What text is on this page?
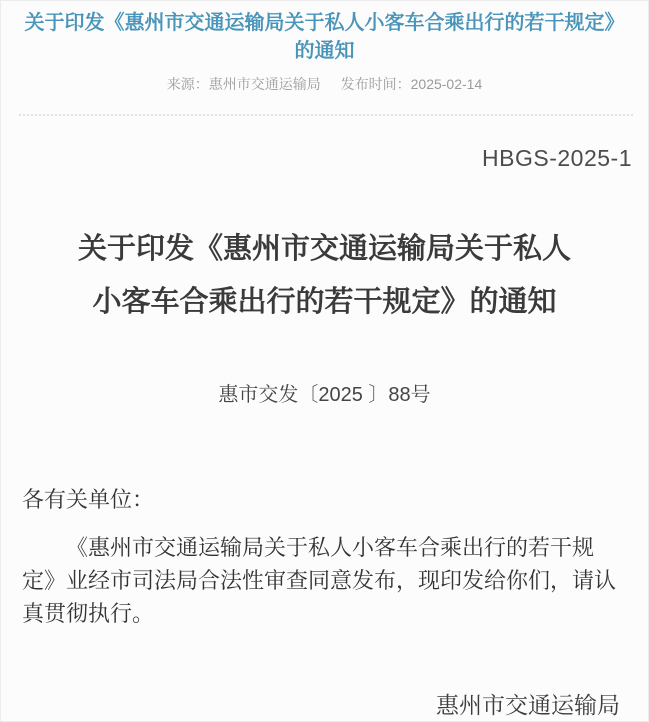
关于印发《惠州市交通运输局关于私人小客车合乘出行的若干规定》
的通知
来源：惠州市交通运输局 发布时间：2025-02-14
HBGS-2025-1
关于印发《惠州市交通运输局关于私人
小客车合乘出行的若干规定》的通知
惠市交发〔2025 〕88号
各有关单位：
《惠州市交通运输局关于私人小客车合乘出行的若干规
定》业经市司法局合法性审查同意发布，现印发给你们，请认
真贯彻执行。
惠州市交通运输局
